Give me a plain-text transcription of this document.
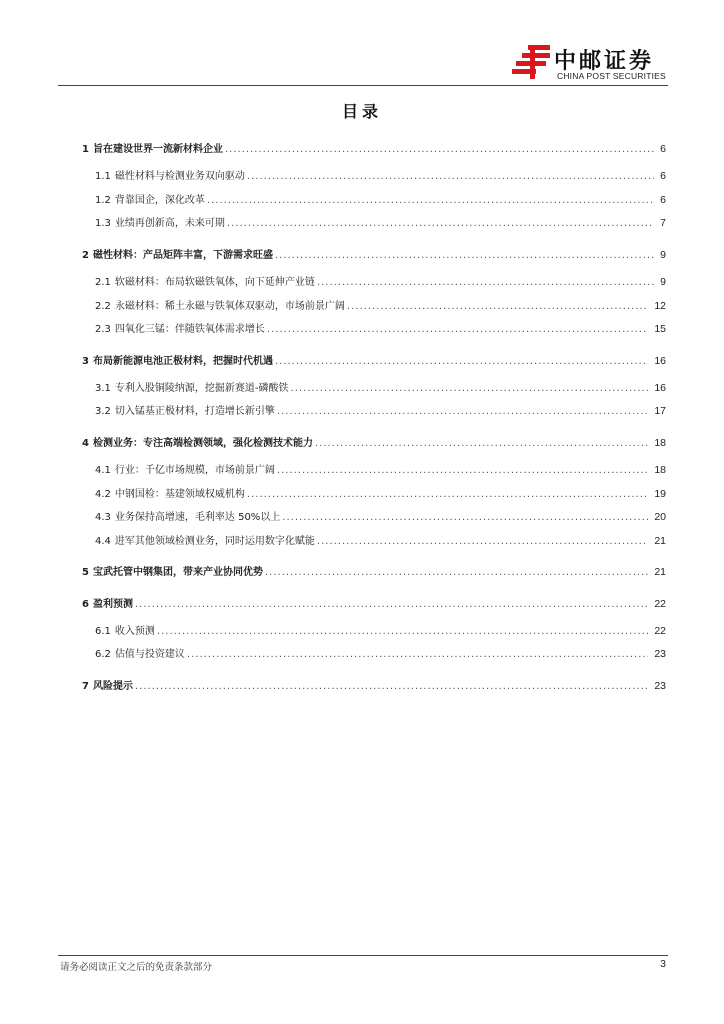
中邮证券
CHINA POST SECURITIES
目录
1 旨在建设世界一流新材料企业 .....	6
1.1 磁性材料与检测业务双向驱动 .....	6
1.2 背靠国企，深化改革 .....	6
1.3 业绩再创新高，未来可期 .....	7
2 磁性材料：产品矩阵丰富，下游需求旺盛 .....	9
2.1 软磁材料：布局软磁铁氧体，向下延伸产业链 .....	9
2.2 永磁材料：稀土永磁与铁氧体双驱动，市场前景广阔 .....	12
2.3 四氧化三锰：伴随铁氧体需求增长 .....	15
3 布局新能源电池正极材料，把握时代机遇 .....	16
3.1 专利入股铜陵纳源，挖掘新赛道-磷酸铁 .....	16
3.2 切入锰基正极材料，打造增长新引擎 .....	17
4 检测业务：专注高端检测领域，强化检测技术能力 .....	18
4.1 行业：千亿市场规模，市场前景广阔 .....	18
4.2 中钢国检：基建领域权威机构 .....	19
4.3 业务保持高增速，毛利率达 50%以上 .....	20
4.4 进军其他领域检测业务，同时运用数字化赋能 .....	21
5 宝武托管中钢集团，带来产业协同优势 .....	21
6 盈利预测 .....	22
6.1 收入预测 .....	22
6.2 估值与投资建议 .....	23
7 风险提示 .....	23
请务必阅读正文之后的免责条款部分	3
